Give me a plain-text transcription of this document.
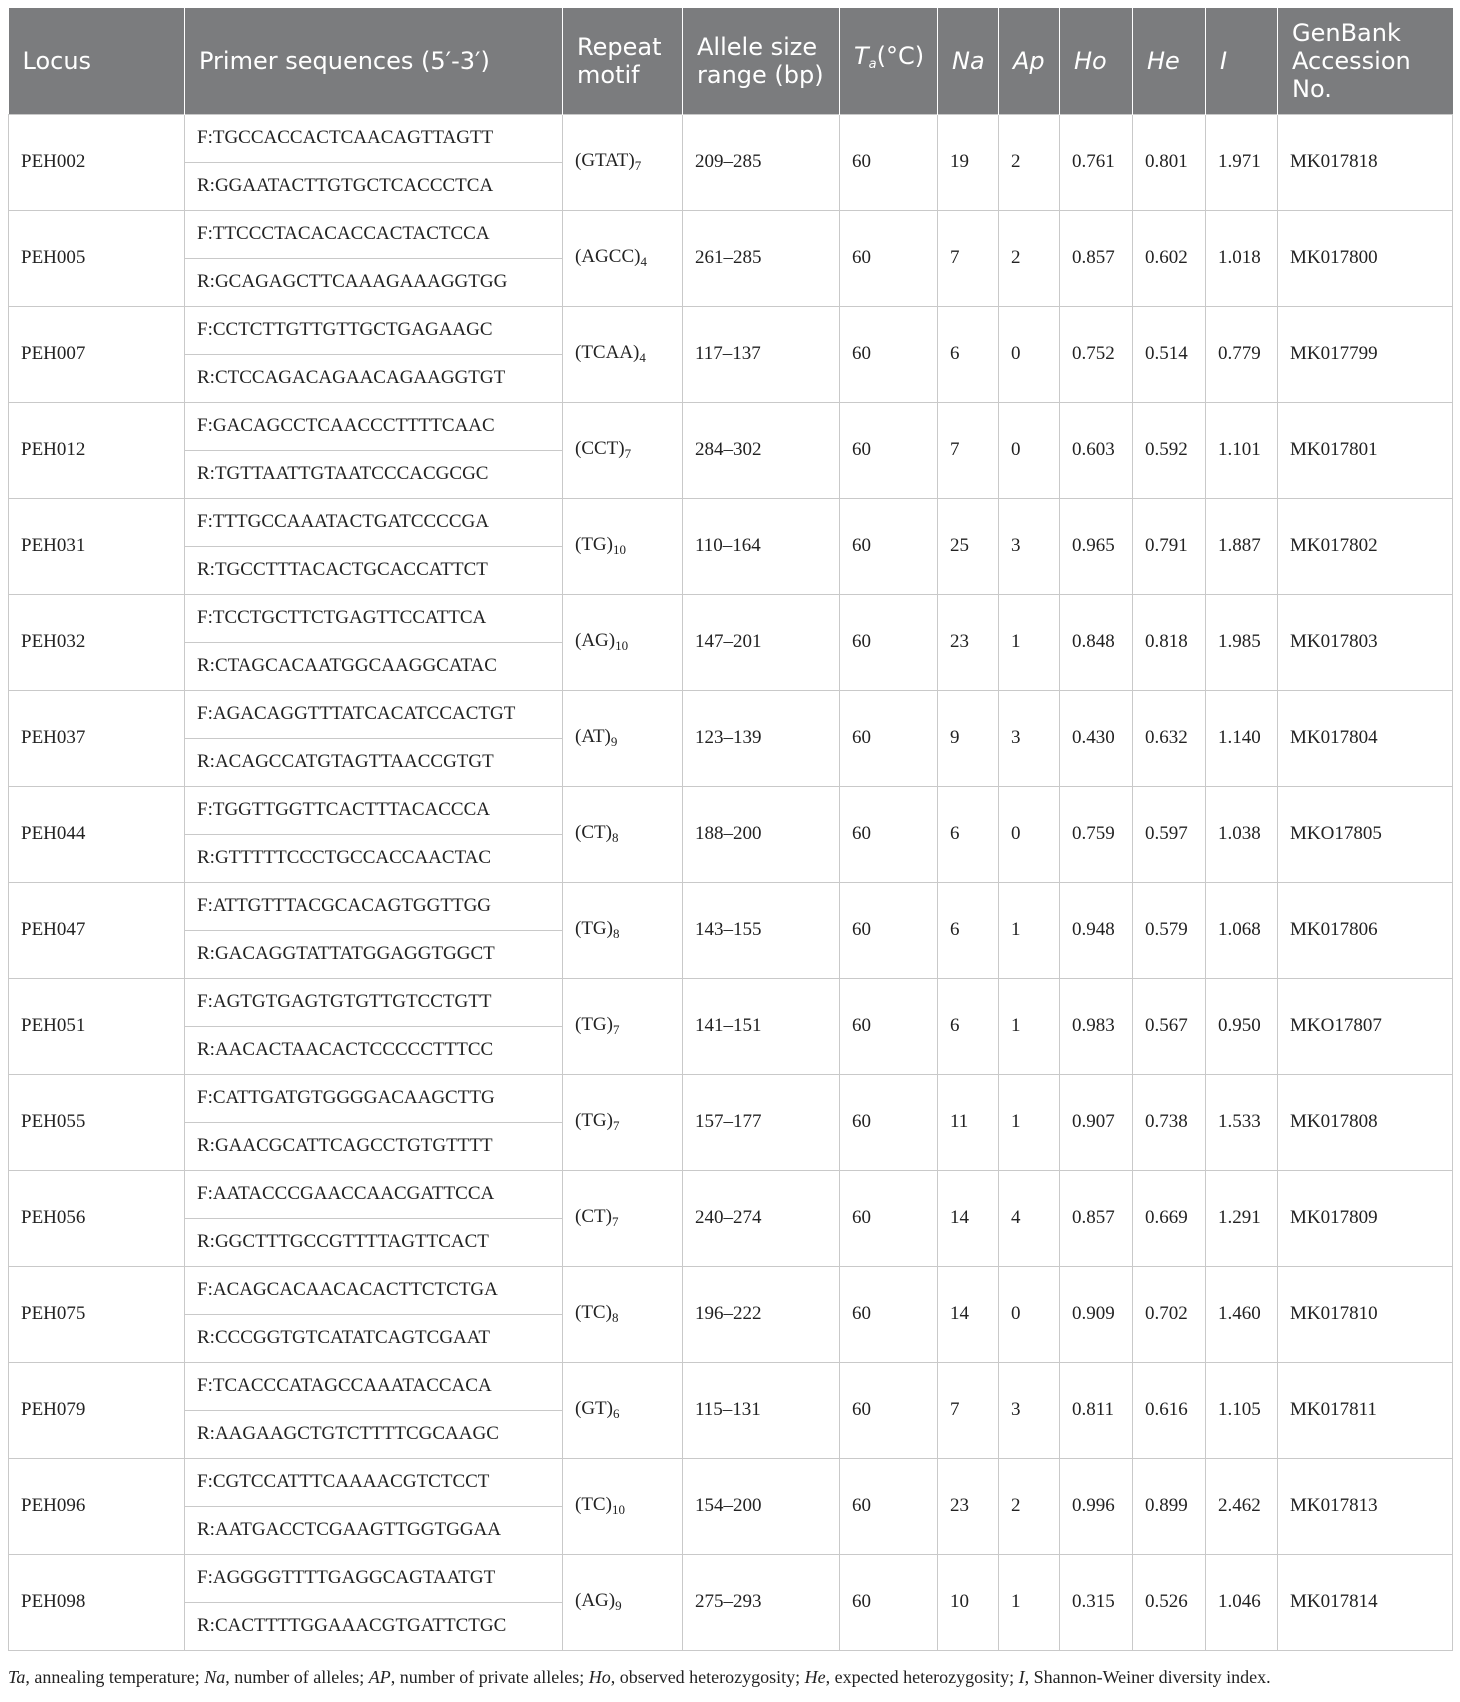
Locus	Primer sequences (5′-3′)	Repeat motif	Allele size range (bp)	$T_a(^\circ C)$	Na	Ap	Ho	He	I	GenBank Accession No.
PEH002	F:TGCCACCACTCAACAGTTAGTT	$(GTAT)_7$	209–285	60	19	2	0.761	0.801	1.971	MK017818
	R:GGAATACTTGTGCTCACCCTCA									
PEH005	F:TTCCCTACACACCACTACTCCA	$(AGCC)_4$	261–285	60	7	2	0.857	0.602	1.018	MK017800
	R:GCAGAGCTTCAAAGAAAGGTGG									
PEH007	F:CCTCTTGTTGTTGCTGAGAAGC	$(TCAA)_4$	117–137	60	6	0	0.752	0.514	0.779	MK017799
	R:CTCCAGACAGAACAGAAGGTGT									
PEH012	F:GACAGCCTCAACCCTTTTCAAC	$(CCT)_7$	284–302	60	7	0	0.603	0.592	1.101	MK017801
	R:TGTTAATTGTAATCCCACGCGC									
PEH031	F:TTTGCCAAATACTGATCCCCGA	$(TG)_{10}$	110–164	60	25	3	0.965	0.791	1.887	MK017802
	R:TGCCTTTACACTGCACCATTCT									
PEH032	F:TCCTGCTTCTGAGTTCCATTCA	$(AG)_{10}$	147–201	60	23	1	0.848	0.818	1.985	MK017803
	R:CTAGCACAATGGCAAGGCATAC									
PEH037	F:AGACAGGTTTATCACATCCACTGT	$(AT)_9$	123–139	60	9	3	0.430	0.632	1.140	MK017804
	R:ACAGCCATGTAGTTAACCGTGT									
PEH044	F:TGGTTGGTTCACTTTACACCCA	$(CT)_8$	188–200	60	6	0	0.759	0.597	1.038	MKO17805
	R:GTTTTTCCCTGCCACCAACTAC									
PEH047	F:ATTGTTTACGCACAGTGGTTGG	$(TG)_8$	143–155	60	6	1	0.948	0.579	1.068	MK017806
	R:GACAGGTATTATGGAGGTGGCT									
PEH051	F:AGTGTGAGTGTGTTGTCCTGTT	$(TG)_7$	141–151	60	6	1	0.983	0.567	0.950	MKO17807
	R:AACACTAACACTCCCCCTTTCC									
PEH055	F:CATTGATGTGGGGACAAGCTTG	$(TG)_7$	157–177	60	11	1	0.907	0.738	1.533	MK017808
	R:GAACGCATTCAGCCTGTGTTTT									
PEH056	F:AATACCCGAACCAACGATTCCA	$(CT)_7$	240–274	60	14	4	0.857	0.669	1.291	MK017809
	R:GGCTTTGCCGTTTTAGTTCACT									
PEH075	F:ACAGCACAACACACTTCTCTGA	$(TC)_8$	196–222	60	14	0	0.909	0.702	1.460	MK017810
	R:CCCGGTGTCATATCAGTCGAAT									
PEH079	F:TCACCCATAGCCAAATACCACA	$(GT)_6$	115–131	60	7	3	0.811	0.616	1.105	MK017811
	R:AAGAAGCTGTCTTTTCGCAAGC									
PEH096	F:CGTCCATTTCAAAACGTCTCCT	$(TC)_{10}$	154–200	60	23	2	0.996	0.899	2.462	MK017813
	R:AATGACCTCGAAGTTGGTGGAA									
PEH098	F:AGGGGTTTTGAGGCAGTAATGT	$(AG)_9$	275–293	60	10	1	0.315	0.526	1.046	MK017814
	R:CACTTTTGGAAACGTGATTCTGC									
Ta, annealing temperature; Na, number of alleles; AP, number of private alleles; Ho, observed heterozygosity; He, expected heterozygosity; I, Shannon-Weiner diversity index.
